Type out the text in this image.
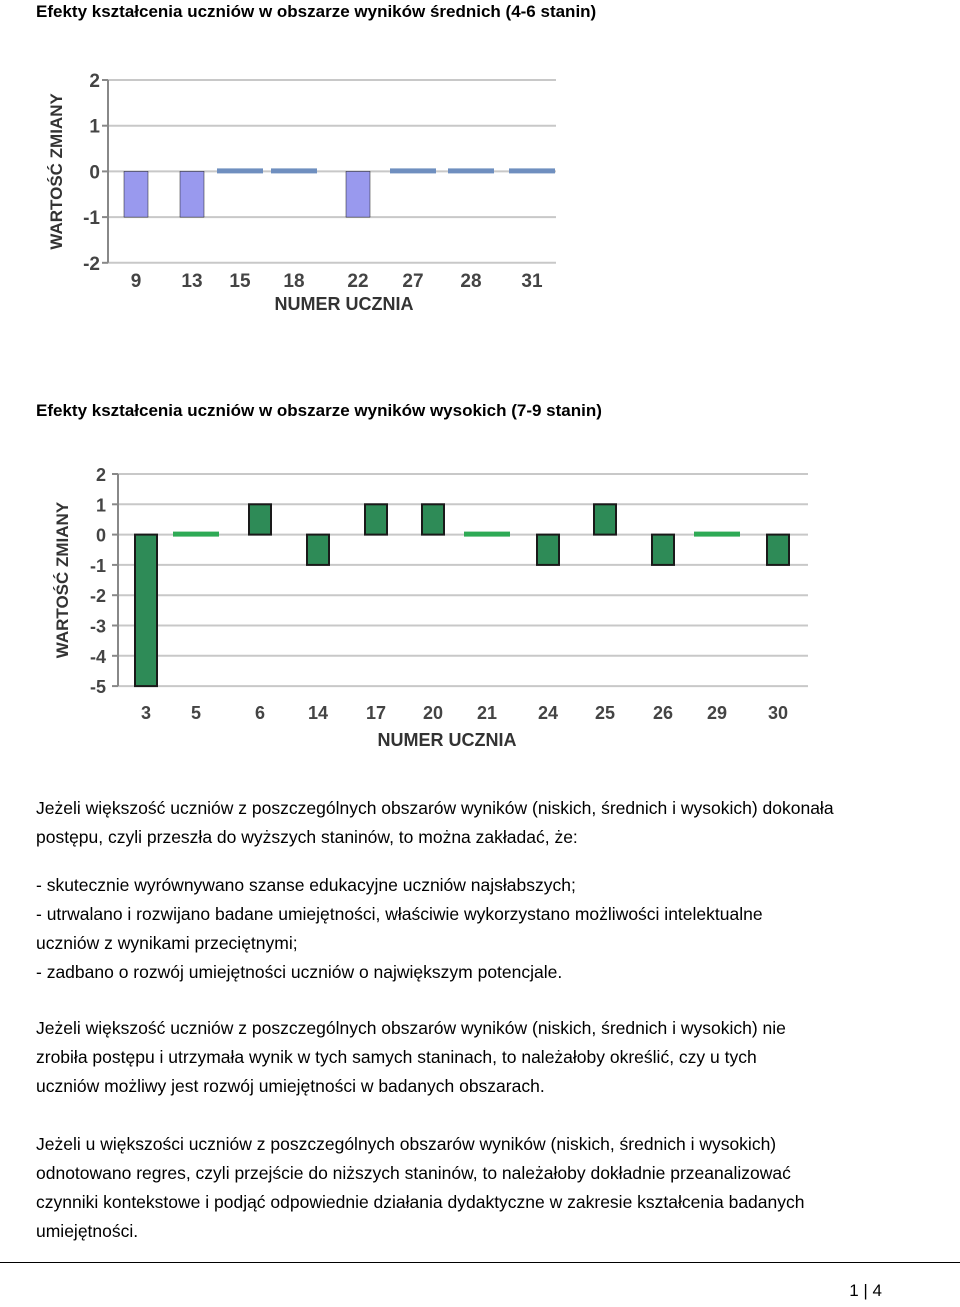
Efekty kształcenia uczniów w obszarze wyników średnich (4-6 stanin)
2
1
0
-1
-2
WARTOŚĆ ZMIANY
9 13 15 18 22 27 28 31
NUMER UCZNIA
2
1
0
-1
-2
-3
-4
-5
WARTOŚĆ ZMIANY
3 5	6 14 17 20 21 24 25 26 29 30
NUMER UCZNIA
Efekty kształcenia uczniów w obszarze wyników wysokich (7-9 stanin)

Jeżeli większość uczniów z poszczególnych obszarów wyników (niskich, średnich i wysokich) dokonała
postępu, czyli przeszła do wyższych staninów, to można zakładać, że:

- skutecznie wyrównywano szanse edukacyjne uczniów najsłabszych;
- utrwalano i rozwijano badane umiejętności, właściwie wykorzystano możliwości intelektualne
uczniów z wynikami przeciętnymi;
- zadbano o rozwój umiejętności uczniów o największym potencjale.

Jeżeli większość uczniów z poszczególnych obszarów wyników (niskich, średnich i wysokich) nie
zrobiła postępu i utrzymała wynik w tych samych staninach, to należałoby określić, czy u tych
uczniów możliwy jest rozwój umiejętności w badanych obszarach.

Jeżeli u większości uczniów z poszczególnych obszarów wyników (niskich, średnich i wysokich)
odnotowano regres, czyli przejście do niższych staninów, to należałoby dokładnie przeanalizować
czynniki kontekstowe i podjąć odpowiednie działania dydaktyczne w zakresie kształcenia badanych
umiejętności.

1 | 4
